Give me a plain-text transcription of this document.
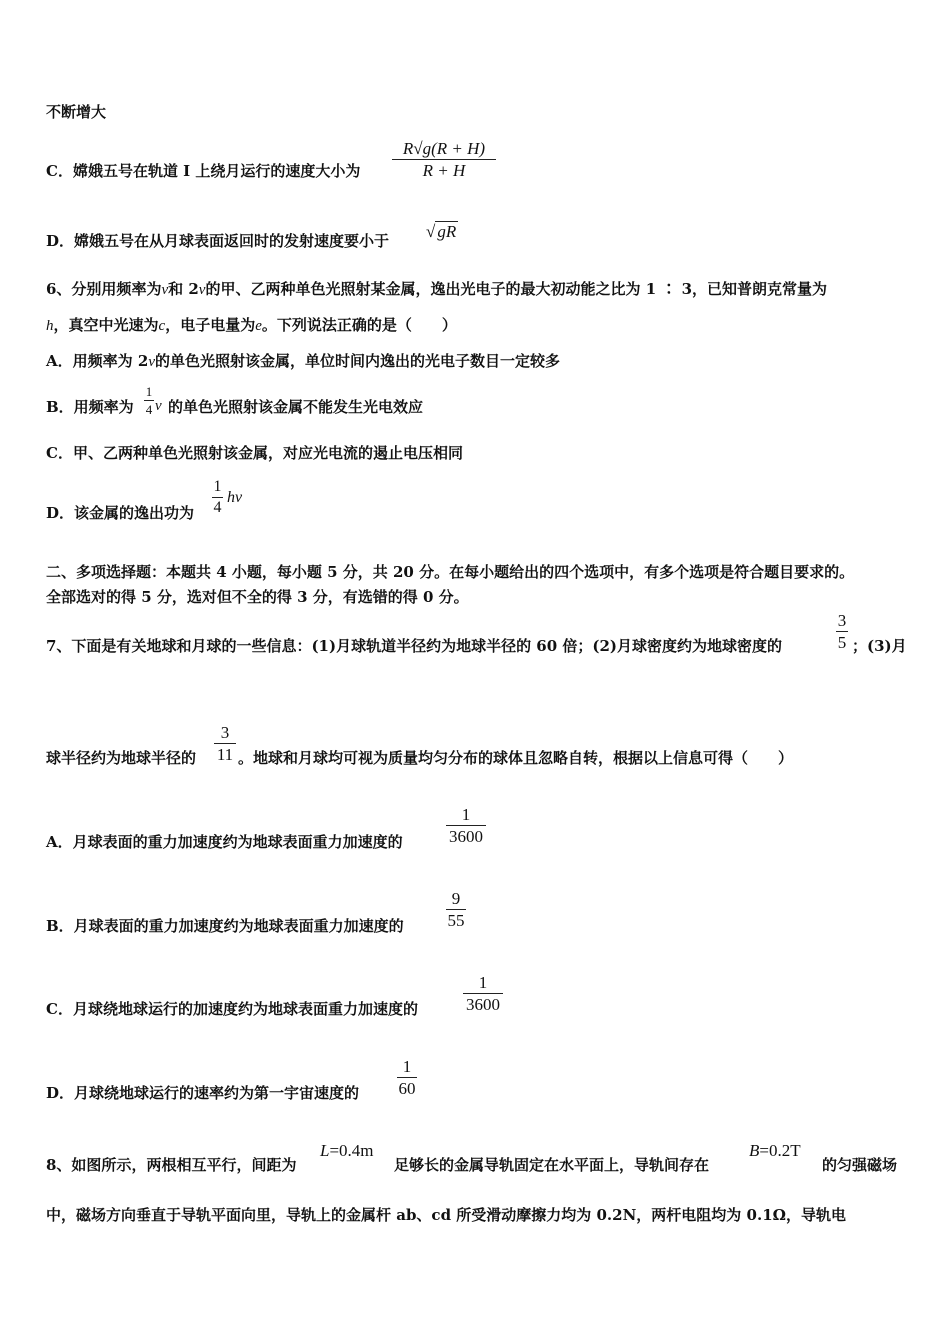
不断增大
C．嫦娥五号在轨道 I 上绕月运行的速度大小为
R√g(R + H)
R + H
D．嫦娥五号在从月球表面返回时的发射速度要小于 √ gR
6、分别用频率为v和 2v的甲、乙两种单色光照射某金属，逸出光电子的最大初动能之比为 1 ∶ 3，已知普朗克常量为
h，真空中光速为c，电子电量为e。下列说法正确的是（　　）
A．用频率为 2v的单色光照射该金属，单位时间内逸出的光电子数目一定较多
B．用频率为
1
4 ν 的单色光照射该金属不能发生光电效应
C．甲、乙两种单色光照射该金属，对应光电流的遏止电压相同
D．该金属的逸出功为
1
4
hν
二、多项选择题：本题共 4 小题，每小题 5 分，共 20 分。在每小题给出的四个选项中，有多个选项是符合题目要求的。
全部选对的得 5 分，选对但不全的得 3 分，有选错的得 0 分。
7、下面是有关地球和月球的一些信息：(1)月球轨道半径约为地球半径的 60 倍；(2)月球密度约为地球密度的
3
5 ；(3)月
球半径约为地球半径的
3
11 。地球和月球均可视为质量均匀分布的球体且忽略自转，根据以上信息可得（　　）
A．月球表面的重力加速度约为地球表面重力加速度的
1
3600
B．月球表面的重力加速度约为地球表面重力加速度的
9
55
C．月球绕地球运行的加速度约为地球表面重力加速度的
1
3600
D．月球绕地球运行的速率约为第一宇宙速度的
1
60
8、如图所示，两根相互平行，间距为
L=0.4m
足够长的金属导轨固定在水平面上，导轨间存在
B=0.2T
的匀强磁场
中，磁场方向垂直于导轨平面向里，导轨上的金属杆 ab、cd 所受滑动摩擦力均为 0.2N，两杆电阻均为 0.1Ω，导轨电
